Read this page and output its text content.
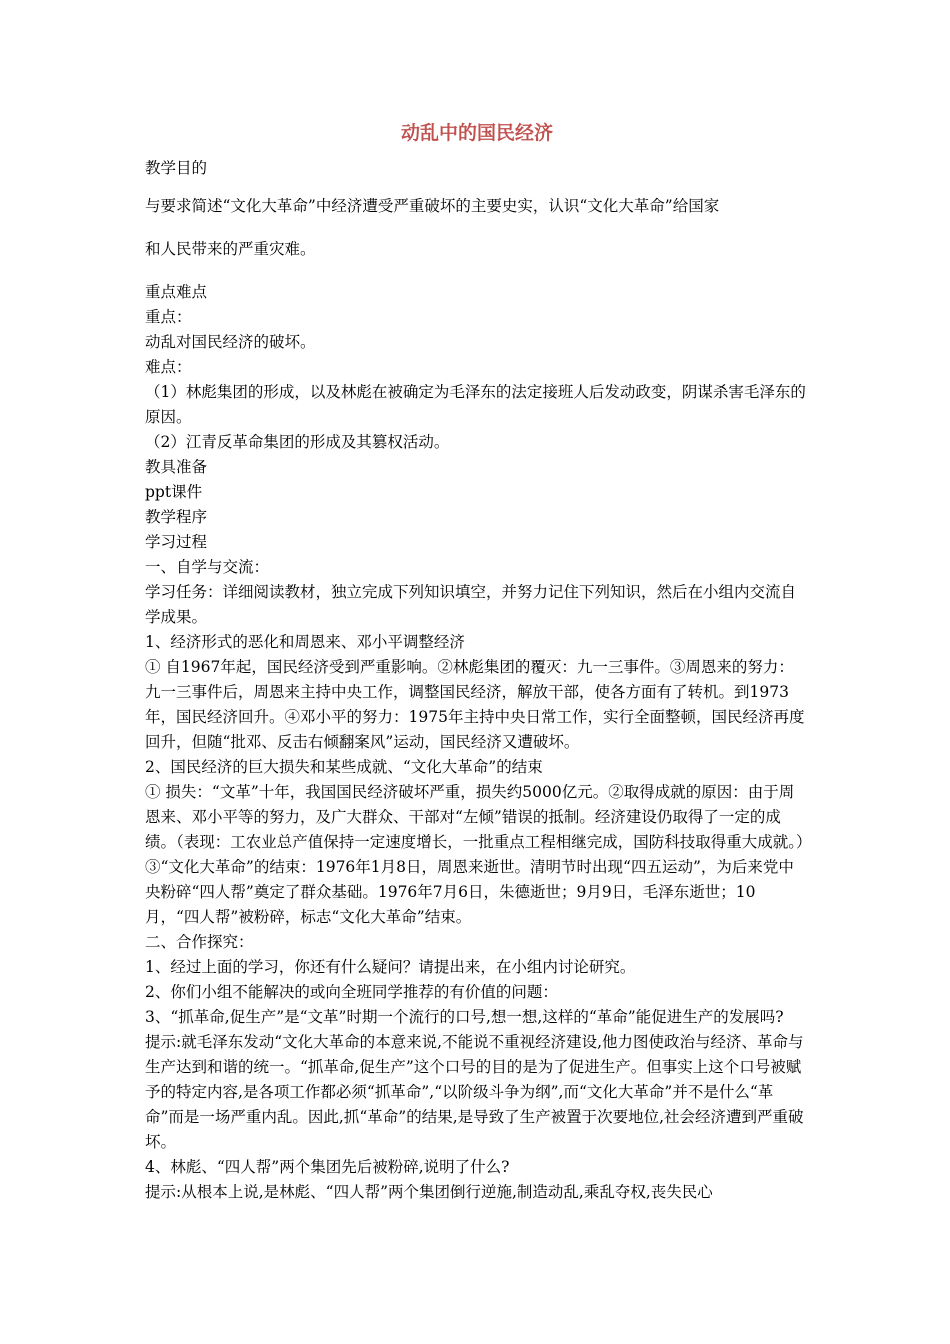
动乱中的国民经济

教学目的

与要求简述“文化大革命”中经济遭受严重破坏的主要史实，认识“文化大革命”给国家

和人民带来的严重灾难。

重点难点

重点：

动乱对国民经济的破坏。

难点：

（1）林彪集团的形成，以及林彪在被确定为毛泽东的法定接班人后发动政变，阴谋杀害毛泽东的原因。

（2）江青反革命集团的形成及其篡权活动。

教具准备

ppt课件

教学程序

学习过程

一、自学与交流：

学习任务：详细阅读教材，独立完成下列知识填空，并努力记住下列知识，然后在小组内交流自学成果。

1、经济形式的恶化和周恩来、邓小平调整经济

① 自1967年起，国民经济受到严重影响。②林彪集团的覆灭：九一三事件。③周恩来的努力：九一三事件后，周恩来主持中央工作，调整国民经济，解放干部，使各方面有了转机。到1973年，国民经济回升。④邓小平的努力：1975年主持中央日常工作，实行全面整顿，国民经济再度回升，但随“批邓、反击右倾翻案风”运动，国民经济又遭破坏。

2、国民经济的巨大损失和某些成就、“文化大革命”的结束

① 损失：“文革”十年，我国国民经济破坏严重，损失约5000亿元。②取得成就的原因：由于周恩来、邓小平等的努力，及广大群众、干部对“左倾”错误的抵制。经济建设仍取得了一定的成绩。（表现：工农业总产值保持一定速度增长，一批重点工程相继完成，国防科技取得重大成就。）③“文化大革命”的结束：1976年1月8日，周恩来逝世。清明节时出现“四五运动”，为后来党中央粉碎“四人帮”奠定了群众基础。1976年7月6日，朱德逝世；9月9日，毛泽东逝世；10月，“四人帮”被粉碎，标志“文化大革命”结束。

二、合作探究：

1、经过上面的学习，你还有什么疑问？请提出来，在小组内讨论研究。

2、你们小组不能解决的或向全班同学推荐的有价值的问题：

3、“抓革命,促生产”是“文革”时期一个流行的口号,想一想,这样的“革命”能促进生产的发展吗?

提示:就毛泽东发动“文化大革命的本意来说,不能说不重视经济建设,他力图使政治与经济、革命与生产达到和谐的统一。“抓革命,促生产”这个口号的目的是为了促进生产。但事实上这个口号被赋予的特定内容,是各项工作都必须“抓革命”,“以阶级斗争为纲”,而“文化大革命”并不是什么“革命”而是一场严重内乱。因此,抓“革命”的结果,是导致了生产被置于次要地位,社会经济遭到严重破坏。

4、林彪、“四人帮”两个集团先后被粉碎,说明了什么?

提示:从根本上说,是林彪、“四人帮”两个集团倒行逆施,制造动乱,乘乱夺权,丧失民心
